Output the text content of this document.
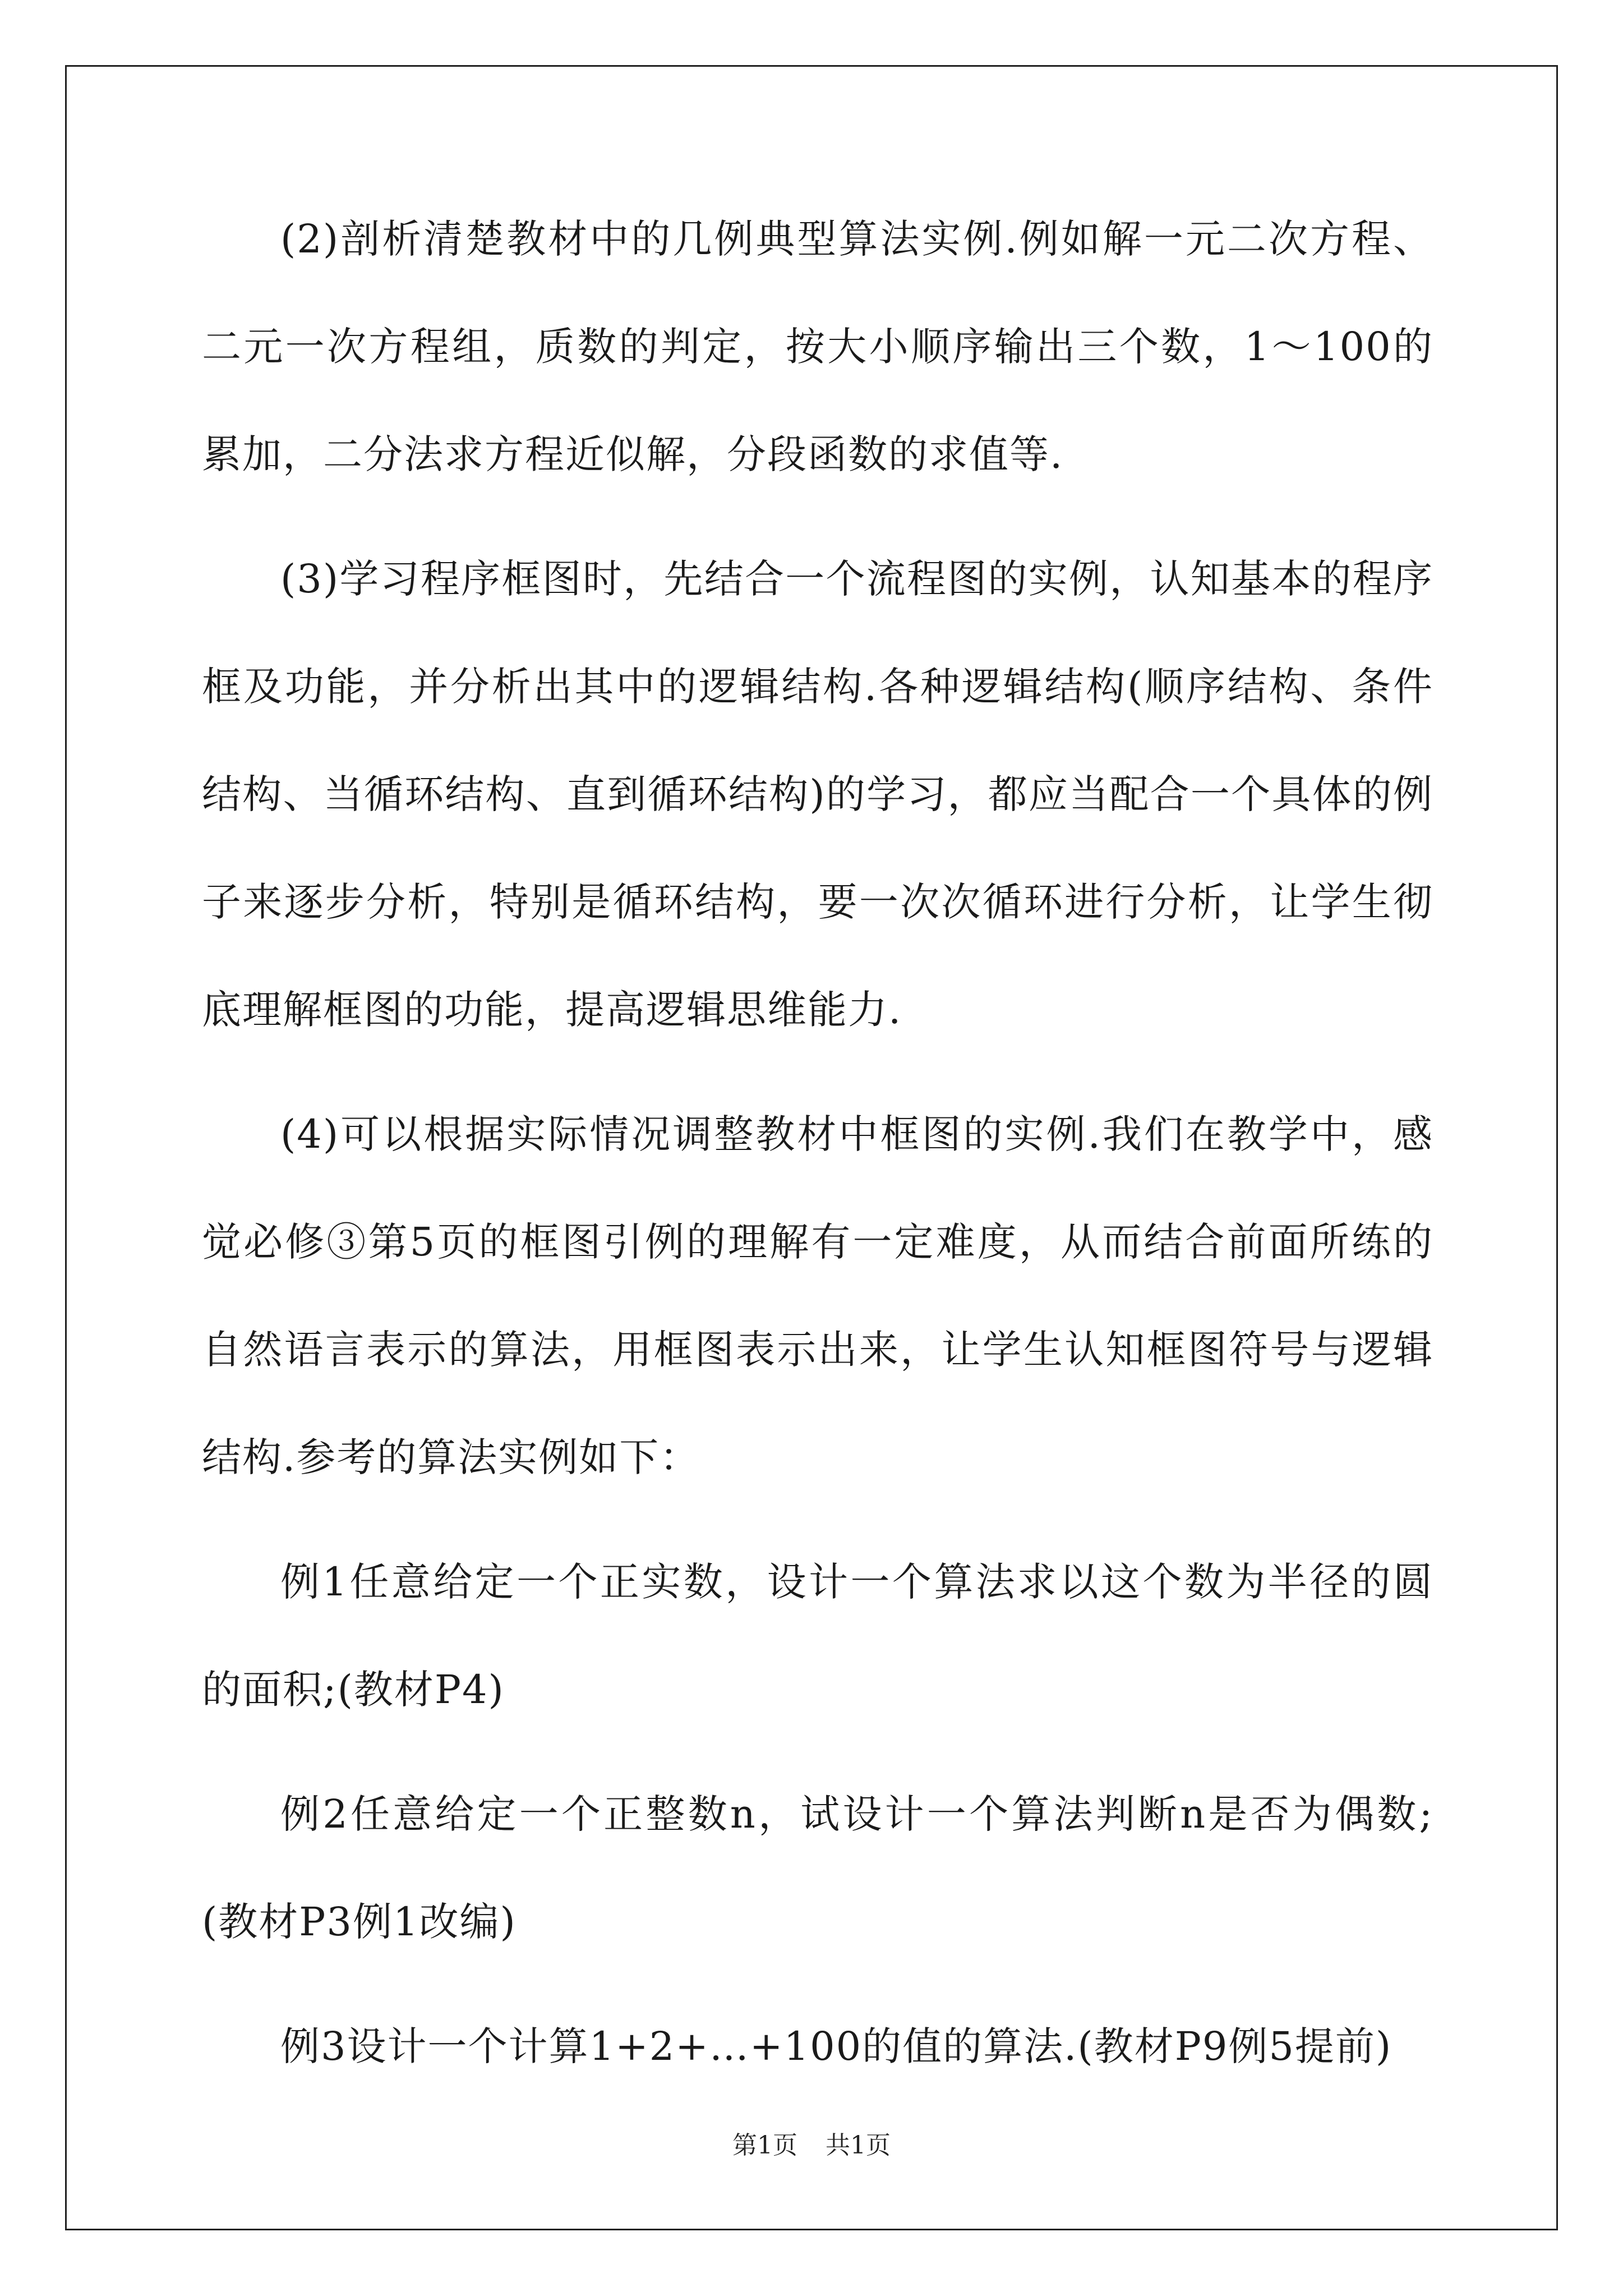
(2)剖析清楚教材中的几例典型算法实例.例如解一元二次方程、二元一次方程组，质数的判定，按大小顺序输出三个数，1～100的累加，二分法求方程近似解，分段函数的求值等.

(3)学习程序框图时，先结合一个流程图的实例，认知基本的程序框及功能，并分析出其中的逻辑结构.各种逻辑结构(顺序结构、条件结构、当循环结构、直到循环结构)的学习，都应当配合一个具体的例子来逐步分析，特别是循环结构，要一次次循环进行分析，让学生彻底理解框图的功能，提高逻辑思维能力.

(4)可以根据实际情况调整教材中框图的实例.我们在教学中，感觉必修③第5页的框图引例的理解有一定难度，从而结合前面所练的自然语言表示的算法，用框图表示出来，让学生认知框图符号与逻辑结构.参考的算法实例如下：

例1任意给定一个正实数，设计一个算法求以这个数为半径的圆的面积;(教材P4)

例2任意给定一个正整数n，试设计一个算法判断n是否为偶数;(教材P3例1改编)

例3设计一个计算1+2+…+100的值的算法.(教材P9例5提前)

第1页 共1页
